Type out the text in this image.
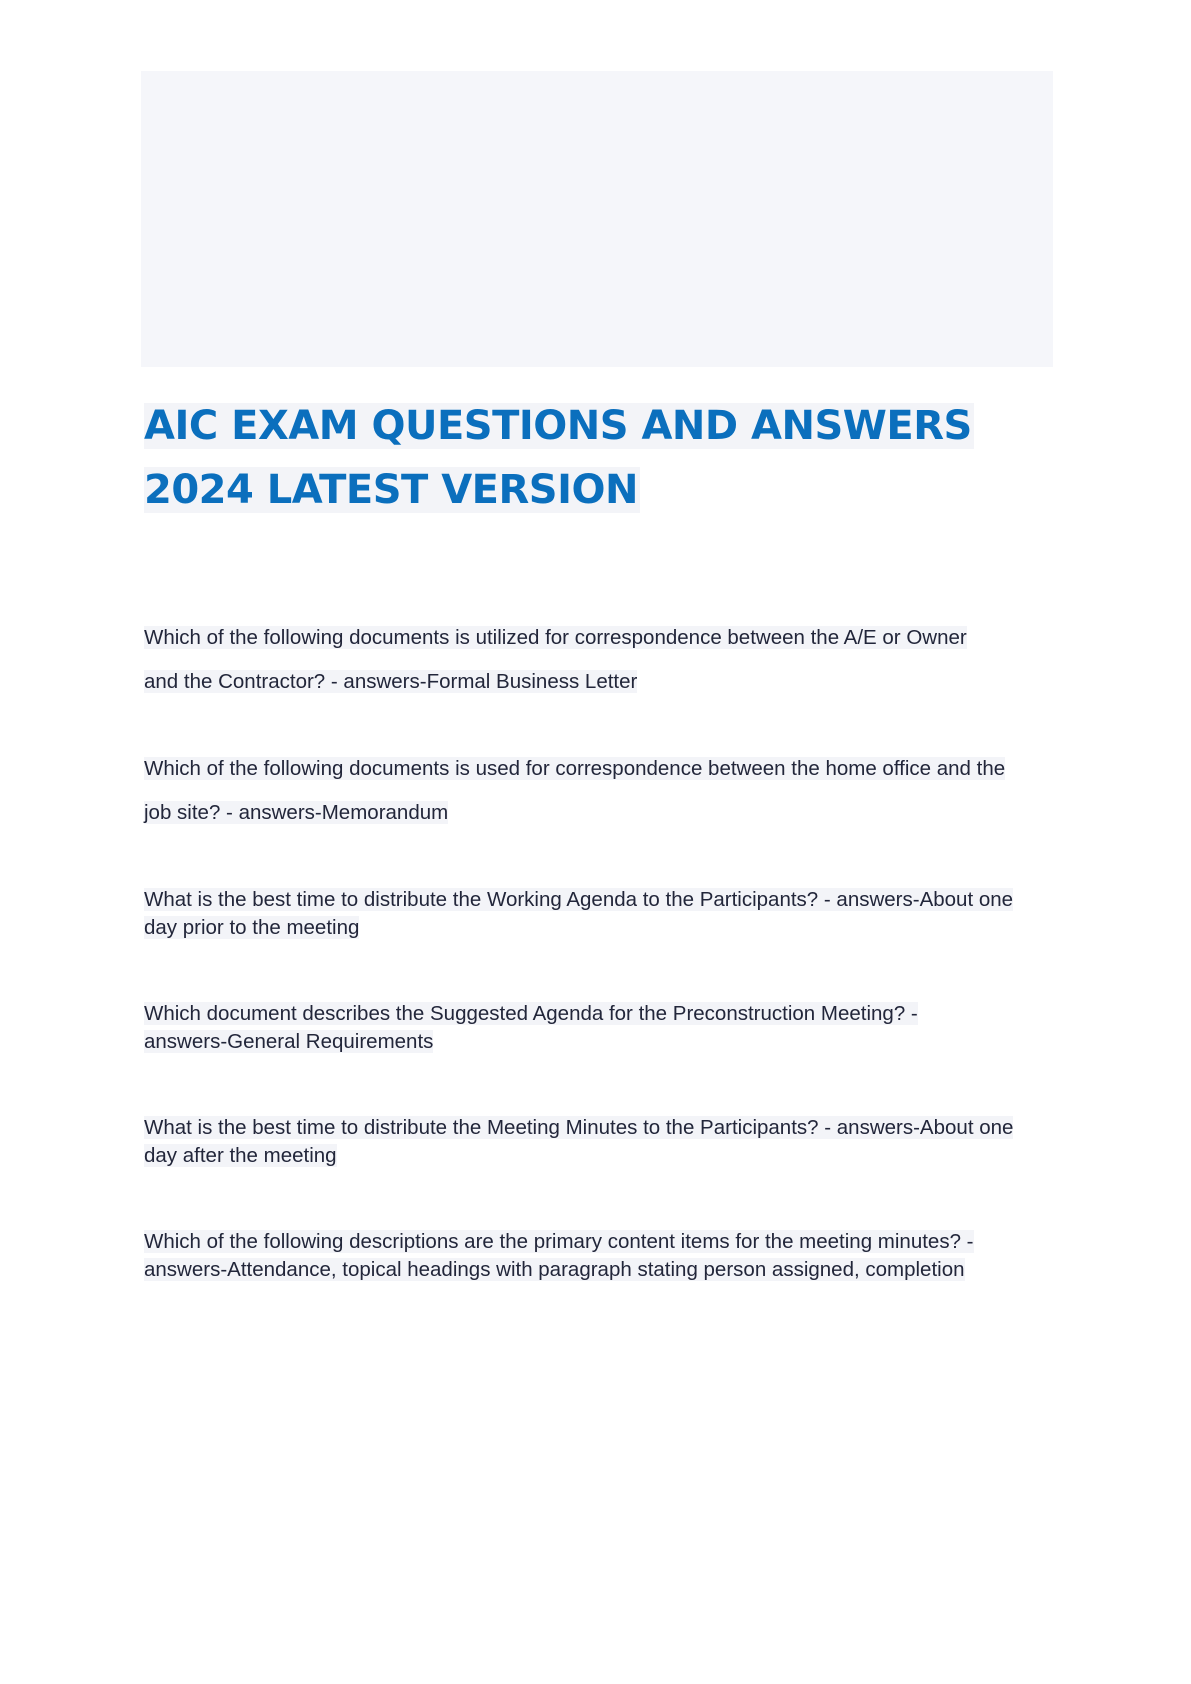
AIC EXAM QUESTIONS AND ANSWERS 2024 LATEST VERSION

Which of the following documents is utilized for correspondence between the A/E or Owner and the Contractor? - answers-Formal Business Letter

Which of the following documents is used for correspondence between the home office and the job site? - answers-Memorandum

What is the best time to distribute the Working Agenda to the Participants? - answers-About one day prior to the meeting

Which document describes the Suggested Agenda for the Preconstruction Meeting? - answers-General Requirements

What is the best time to distribute the Meeting Minutes to the Participants? - answers-About one day after the meeting

Which of the following descriptions are the primary content items for the meeting minutes? - answers-Attendance, topical headings with paragraph stating person assigned, completion
